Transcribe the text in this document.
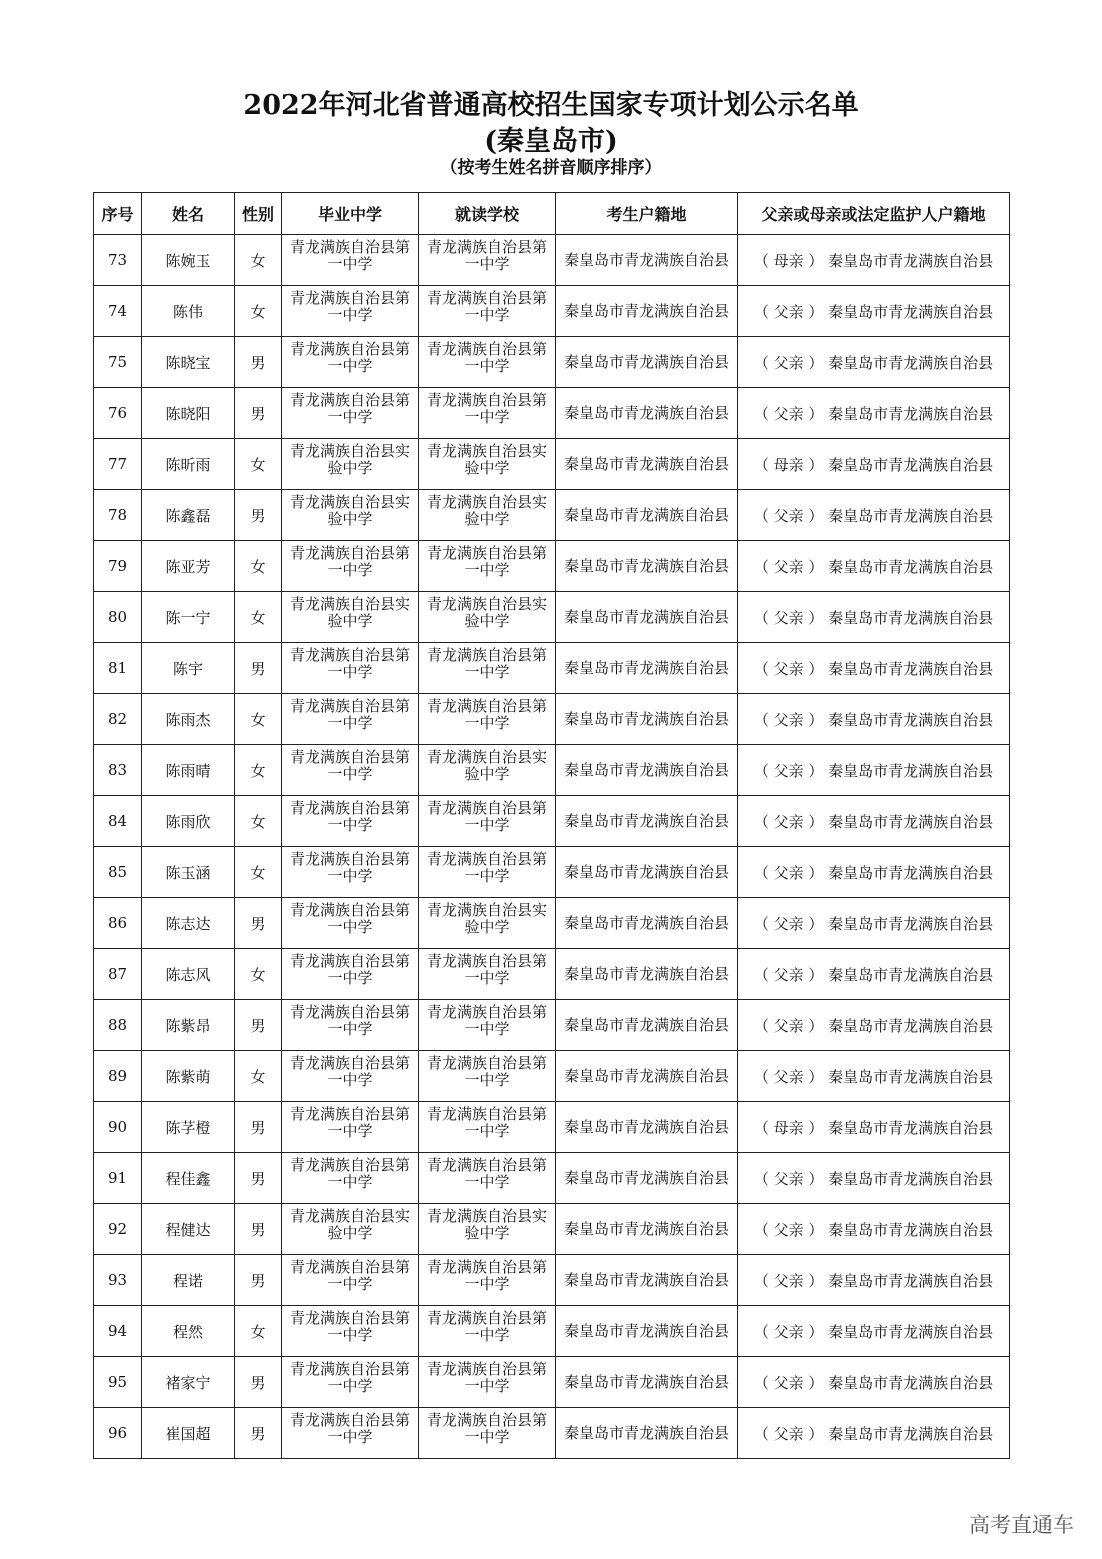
2022年河北省普通高校招生国家专项计划公示名单
(秦皇岛市)
（按考生姓名拼音顺序排序）
序号	姓名	性别	毕业中学	就读学校	考生户籍地	父亲或母亲或法定监护人户籍地
73	陈婉玉	女	青龙满族自治县第一中学	青龙满族自治县第一中学	秦皇岛市青龙满族自治县	（ 母亲 ） 秦皇岛市青龙满族自治县
74	陈伟	女	青龙满族自治县第一中学	青龙满族自治县第一中学	秦皇岛市青龙满族自治县	（ 父亲 ） 秦皇岛市青龙满族自治县
75	陈晓宝	男	青龙满族自治县第一中学	青龙满族自治县第一中学	秦皇岛市青龙满族自治县	（ 父亲 ） 秦皇岛市青龙满族自治县
76	陈晓阳	男	青龙满族自治县第一中学	青龙满族自治县第一中学	秦皇岛市青龙满族自治县	（ 父亲 ） 秦皇岛市青龙满族自治县
77	陈昕雨	女	青龙满族自治县实验中学	青龙满族自治县实验中学	秦皇岛市青龙满族自治县	（ 母亲 ） 秦皇岛市青龙满族自治县
78	陈鑫磊	男	青龙满族自治县实验中学	青龙满族自治县实验中学	秦皇岛市青龙满族自治县	（ 父亲 ） 秦皇岛市青龙满族自治县
79	陈亚芳	女	青龙满族自治县第一中学	青龙满族自治县第一中学	秦皇岛市青龙满族自治县	（ 父亲 ） 秦皇岛市青龙满族自治县
80	陈一宁	女	青龙满族自治县实验中学	青龙满族自治县实验中学	秦皇岛市青龙满族自治县	（ 父亲 ） 秦皇岛市青龙满族自治县
81	陈宇	男	青龙满族自治县第一中学	青龙满族自治县第一中学	秦皇岛市青龙满族自治县	（ 父亲 ） 秦皇岛市青龙满族自治县
82	陈雨杰	女	青龙满族自治县第一中学	青龙满族自治县第一中学	秦皇岛市青龙满族自治县	（ 父亲 ） 秦皇岛市青龙满族自治县
83	陈雨晴	女	青龙满族自治县第一中学	青龙满族自治县实验中学	秦皇岛市青龙满族自治县	（ 父亲 ） 秦皇岛市青龙满族自治县
84	陈雨欣	女	青龙满族自治县第一中学	青龙满族自治县第一中学	秦皇岛市青龙满族自治县	（ 父亲 ） 秦皇岛市青龙满族自治县
85	陈玉涵	女	青龙满族自治县第一中学	青龙满族自治县第一中学	秦皇岛市青龙满族自治县	（ 父亲 ） 秦皇岛市青龙满族自治县
86	陈志达	男	青龙满族自治县第一中学	青龙满族自治县实验中学	秦皇岛市青龙满族自治县	（ 父亲 ） 秦皇岛市青龙满族自治县
87	陈志风	女	青龙满族自治县第一中学	青龙满族自治县第一中学	秦皇岛市青龙满族自治县	（ 父亲 ） 秦皇岛市青龙满族自治县
88	陈紫昂	男	青龙满族自治县第一中学	青龙满族自治县第一中学	秦皇岛市青龙满族自治县	（ 父亲 ） 秦皇岛市青龙满族自治县
89	陈紫萌	女	青龙满族自治县第一中学	青龙满族自治县第一中学	秦皇岛市青龙满族自治县	（ 父亲 ） 秦皇岛市青龙满族自治县
90	陈芓橙	男	青龙满族自治县第一中学	青龙满族自治县第一中学	秦皇岛市青龙满族自治县	（ 母亲 ） 秦皇岛市青龙满族自治县
91	程佳鑫	男	青龙满族自治县第一中学	青龙满族自治县第一中学	秦皇岛市青龙满族自治县	（ 父亲 ） 秦皇岛市青龙满族自治县
92	程健达	男	青龙满族自治县实验中学	青龙满族自治县实验中学	秦皇岛市青龙满族自治县	（ 父亲 ） 秦皇岛市青龙满族自治县
93	程诺	男	青龙满族自治县第一中学	青龙满族自治县第一中学	秦皇岛市青龙满族自治县	（ 父亲 ） 秦皇岛市青龙满族自治县
94	程然	女	青龙满族自治县第一中学	青龙满族自治县第一中学	秦皇岛市青龙满族自治县	（ 父亲 ） 秦皇岛市青龙满族自治县
95	褚家宁	男	青龙满族自治县第一中学	青龙满族自治县第一中学	秦皇岛市青龙满族自治县	（ 父亲 ） 秦皇岛市青龙满族自治县
96	崔国超	男	青龙满族自治县第一中学	青龙满族自治县第一中学	秦皇岛市青龙满族自治县	（ 父亲 ） 秦皇岛市青龙满族自治县
高考直通车
